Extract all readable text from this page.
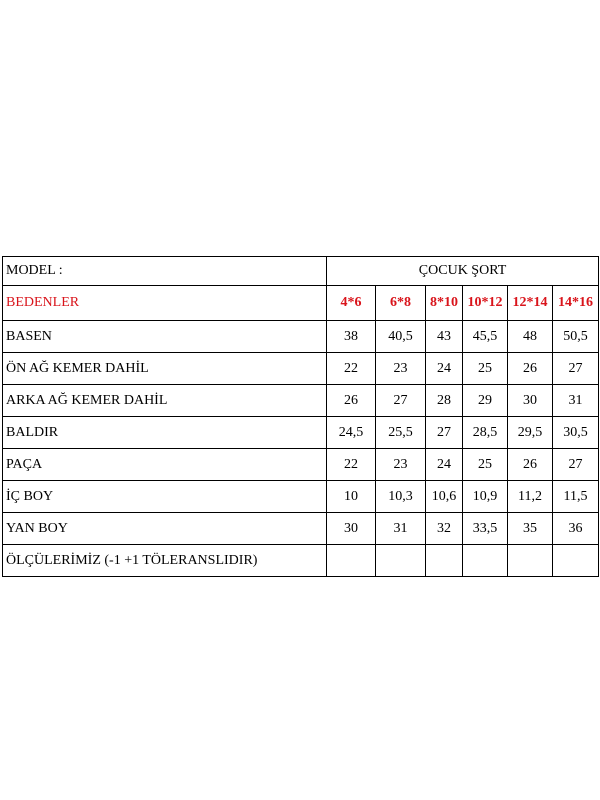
MODEL :	ÇOCUK ŞORT					
BEDENLER	4*6	6*8	8*10	10*12	12*14	14*16
BASEN	38	40,5	43	45,5	48	50,5
ÖN AĞ KEMER DAHİL	22	23	24	25	26	27
ARKA AĞ KEMER DAHİL	26	27	28	29	30	31
BALDIR	24,5	25,5	27	28,5	29,5	30,5
PAÇA	22	23	24	25	26	27
İÇ BOY	10	10,3	10,6	10,9	11,2	11,5
YAN BOY	30	31	32	33,5	35	36
ÖLÇÜLERİMİZ (-1 +1 TÖLERANSLIDIR)						
